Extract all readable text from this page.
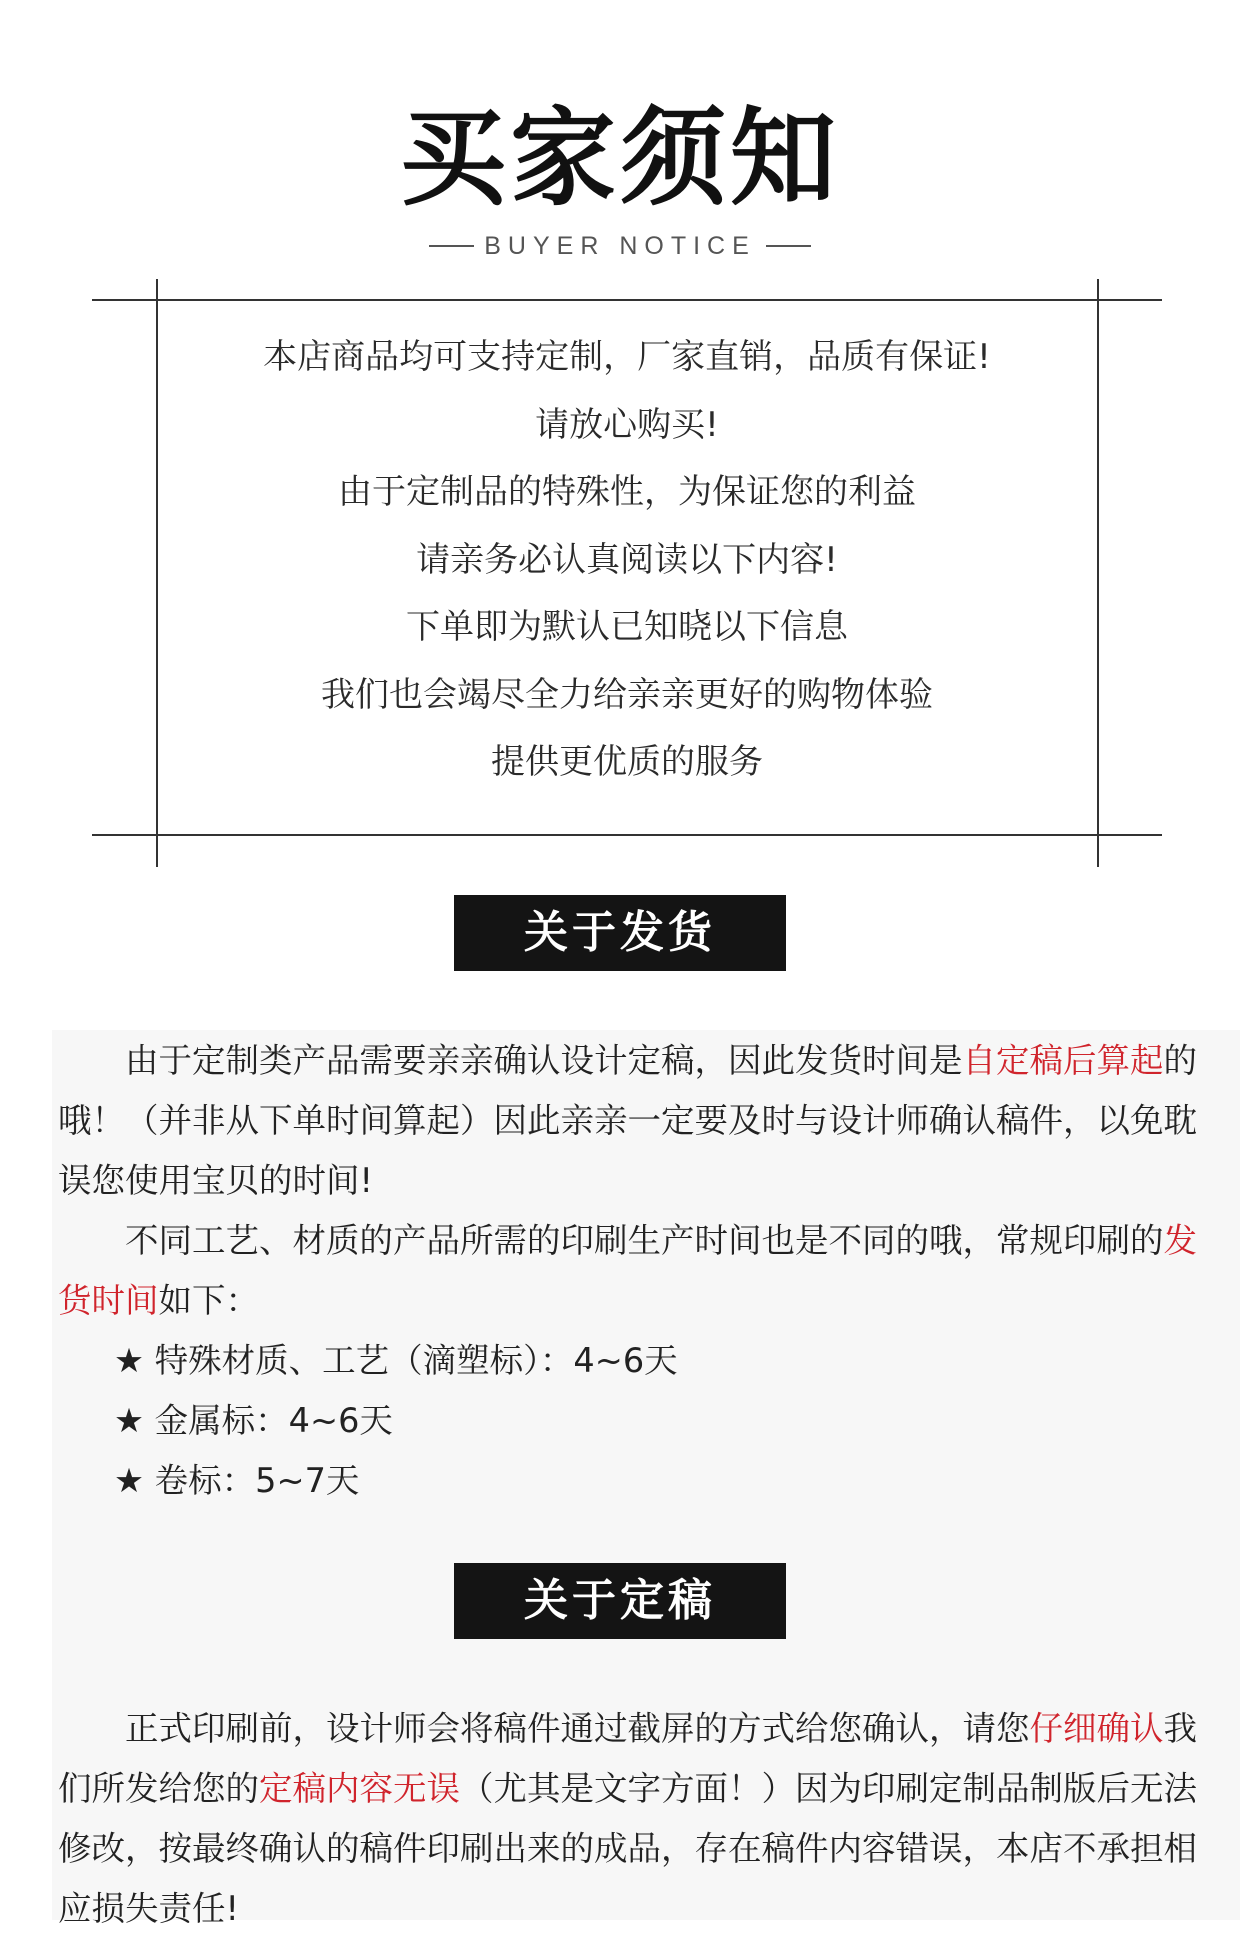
买家须知
BUYER NOTICE
本店商品均可支持定制，厂家直销，品质有保证!
请放心购买!
由于定制品的特殊性，为保证您的利益
请亲务必认真阅读以下内容!
下单即为默认已知晓以下信息
我们也会竭尽全力给亲亲更好的购物体验
提供更优质的服务
关于发货

由于定制类产品需要亲亲确认设计定稿，因此发货时间是自定稿后算起的哦！（并非从下单时间算起）因此亲亲一定要及时与设计师确认稿件，以免耽误您使用宝贝的时间!

不同工艺、材质的产品所需的印刷生产时间也是不同的哦，常规印刷的发货时间如下：

★ 特殊材质、工艺（滴塑标）：4~6天

★ 金属标：4~6天

★ 卷标：5~7天

关于定稿

正式印刷前，设计师会将稿件通过截屏的方式给您确认，请您仔细确认我们所发给您的定稿内容无误（尤其是文字方面！）因为印刷定制品制版后无法修改，按最终确认的稿件印刷出来的成品，存在稿件内容错误，本店不承担相应损失责任!
